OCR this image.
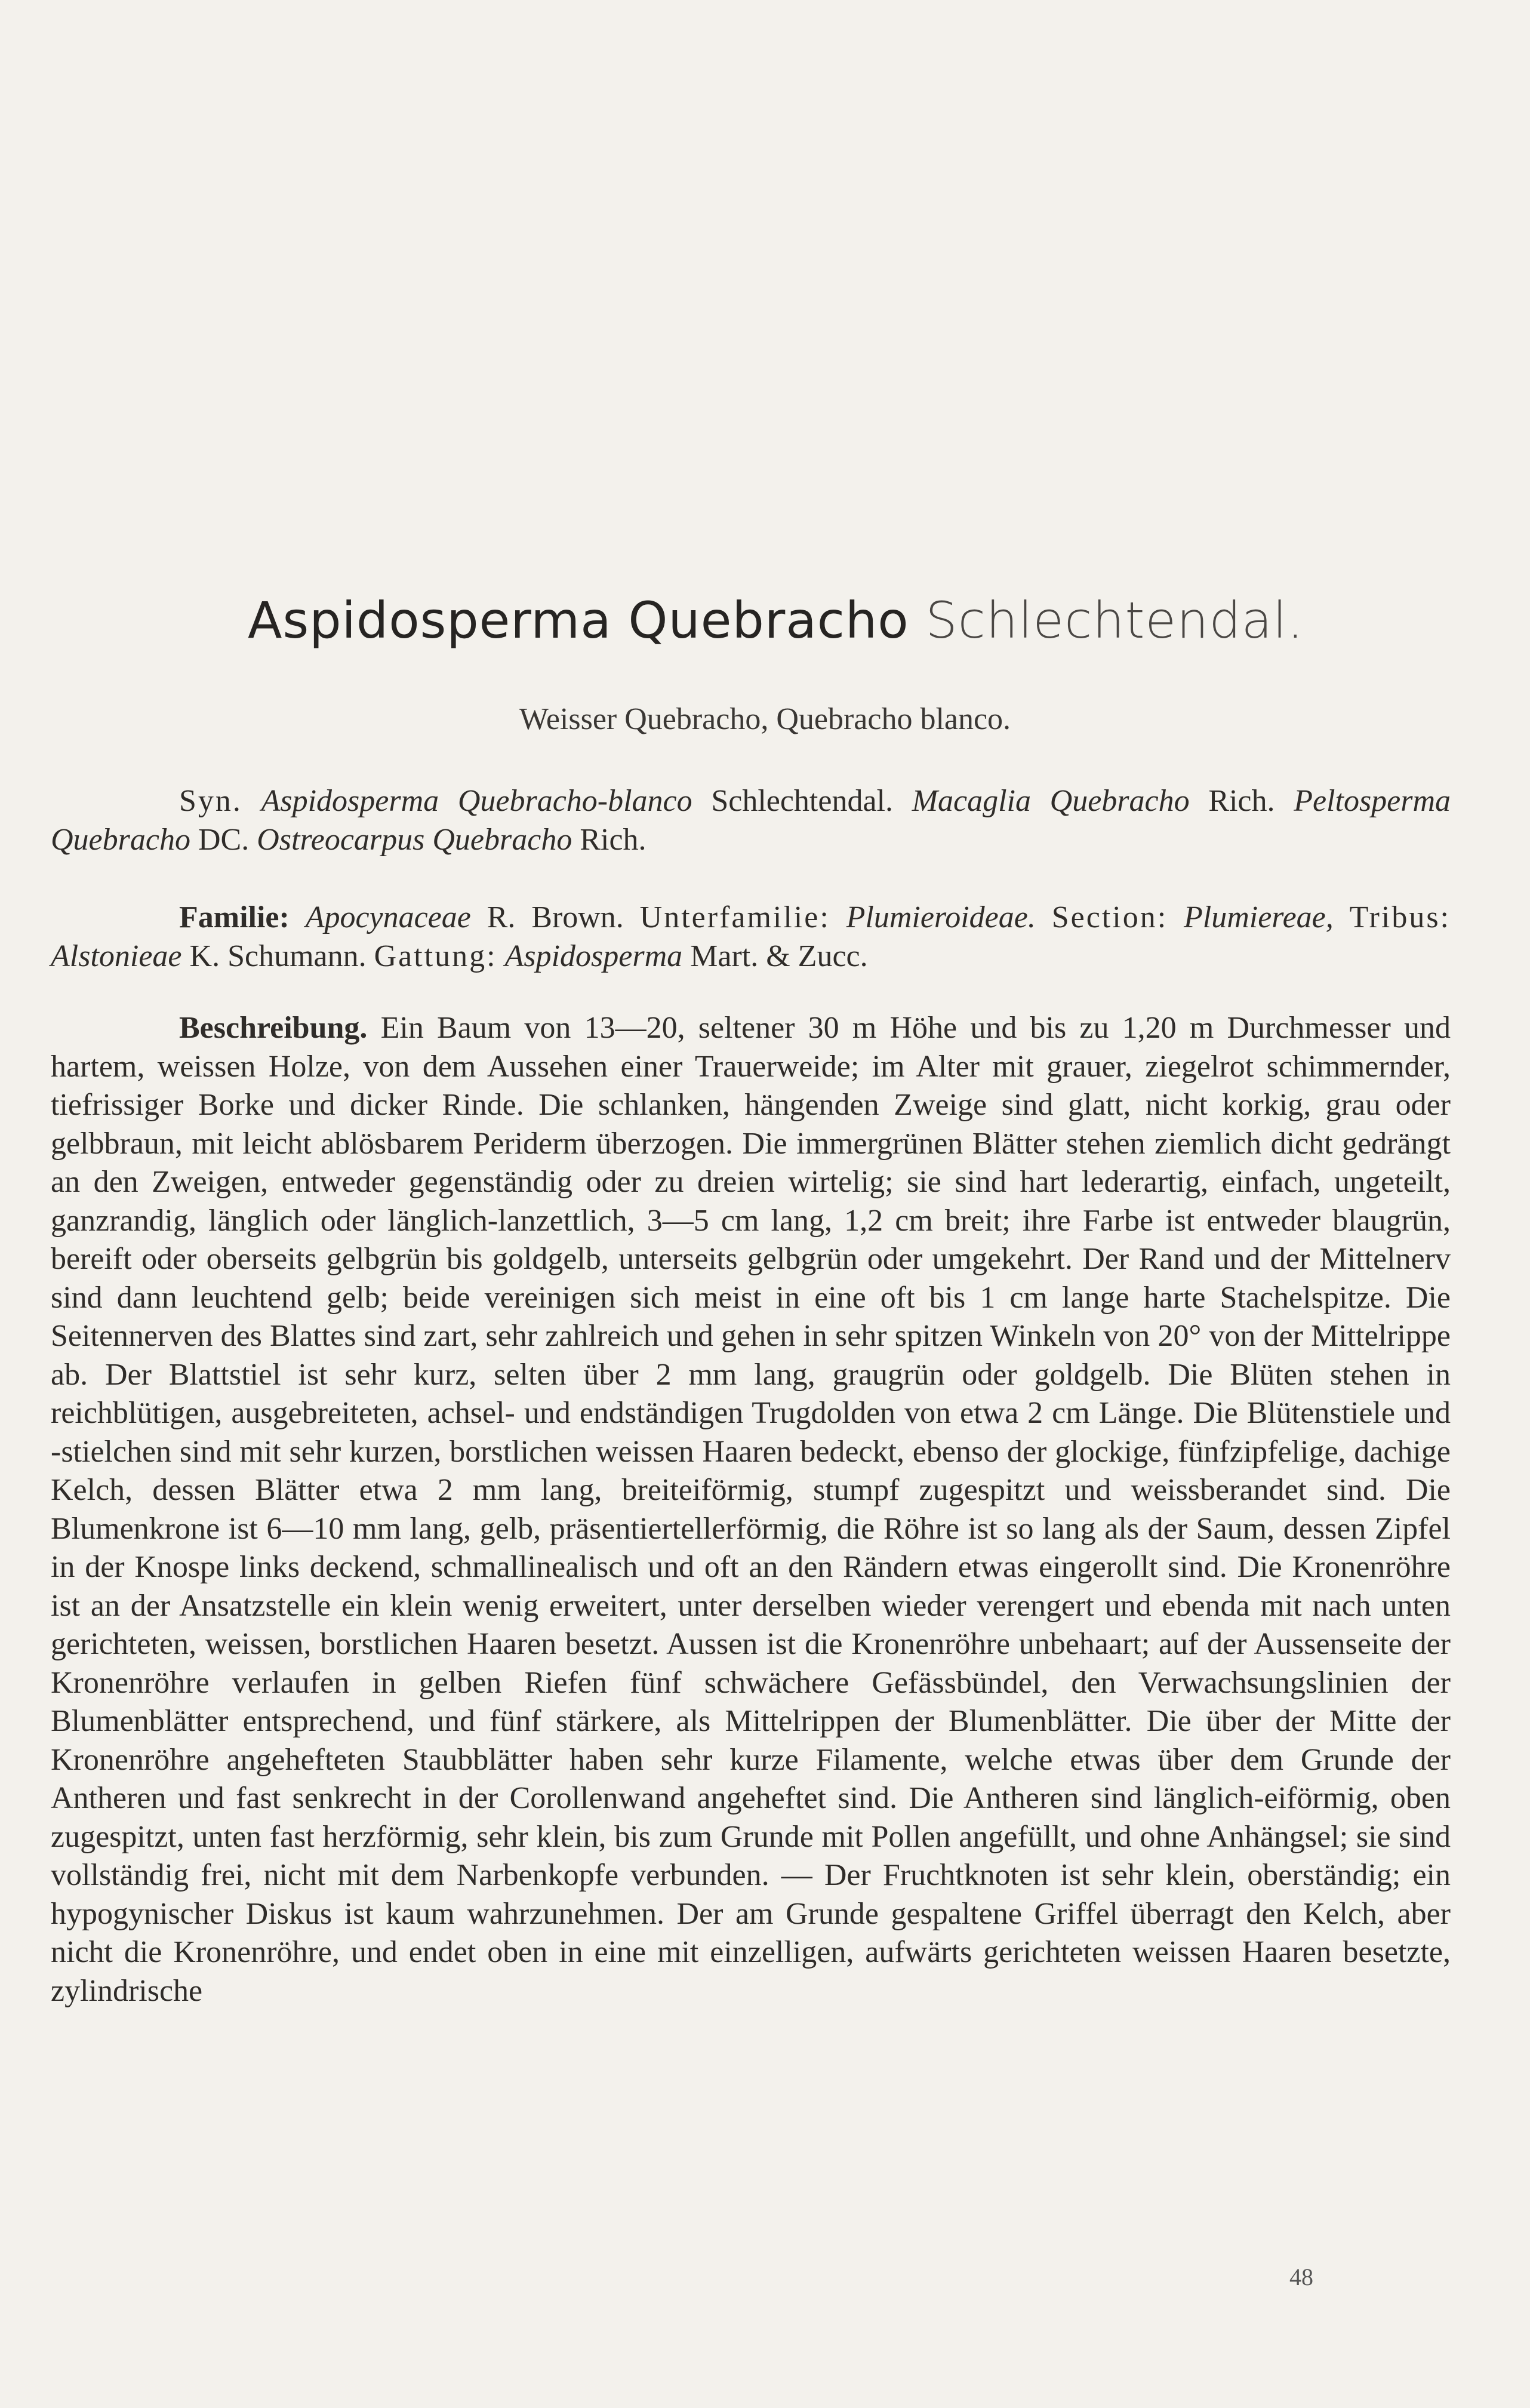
Aspidosperma Quebracho Schlechtendal.
Weisser Quebracho, Quebracho blanco.
Syn. Aspidosperma Quebracho-blanco Schlechtendal. Macaglia Quebracho Rich. Peltosperma Quebracho DC. Ostreocarpus Quebracho Rich.
Familie: Apocynaceae R. Brown. Unterfamilie: Plumieroideae. Section: Plumiereae, Tribus: Alstonieae K. Schumann. Gattung: Aspidosperma Mart. & Zucc.
Beschreibung. Ein Baum von 13—20, seltener 30 m Höhe und bis zu 1,20 m Durchmesser und hartem, weissen Holze, von dem Aussehen einer Trauerweide; im Alter mit grauer, ziegelrot schimmernder, tiefrissiger Borke und dicker Rinde. Die schlanken, hängenden Zweige sind glatt, nicht korkig, grau oder gelbbraun, mit leicht ablösbarem Periderm überzogen. Die immergrünen Blätter stehen ziemlich dicht gedrängt an den Zweigen, entweder gegenständig oder zu dreien wirtelig; sie sind hart lederartig, einfach, ungeteilt, ganzrandig, länglich oder länglich-lanzettlich, 3—5 cm lang, 1,2 cm breit; ihre Farbe ist entweder blaugrün, bereift oder oberseits gelbgrün bis goldgelb, unterseits gelbgrün oder umgekehrt. Der Rand und der Mittelnerv sind dann leuchtend gelb; beide vereinigen sich meist in eine oft bis 1 cm lange harte Stachelspitze. Die Seitennerven des Blattes sind zart, sehr zahlreich und gehen in sehr spitzen Winkeln von 20° von der Mittelrippe ab. Der Blattstiel ist sehr kurz, selten über 2 mm lang, graugrün oder goldgelb. Die Blüten stehen in reichblütigen, ausgebreiteten, achsel- und endständigen Trugdolden von etwa 2 cm Länge. Die Blütenstiele und -stielchen sind mit sehr kurzen, borstlichen weissen Haaren bedeckt, ebenso der glockige, fünfzipfelige, dachige Kelch, dessen Blätter etwa 2 mm lang, breiteiförmig, stumpf zugespitzt und weissberandet sind. Die Blumenkrone ist 6—10 mm lang, gelb, präsentiertellerförmig, die Röhre ist so lang als der Saum, dessen Zipfel in der Knospe links deckend, schmallinealisch und oft an den Rändern etwas eingerollt sind. Die Kronenröhre ist an der Ansatzstelle ein klein wenig erweitert, unter derselben wieder verengert und ebenda mit nach unten gerichteten, weissen, borstlichen Haaren besetzt. Aussen ist die Kronenröhre unbehaart; auf der Aussenseite der Kronenröhre verlaufen in gelben Riefen fünf schwächere Gefässbündel, den Verwachsungslinien der Blumenblätter entsprechend, und fünf stärkere, als Mittelrippen der Blumenblätter. Die über der Mitte der Kronenröhre angehefteten Staubblätter haben sehr kurze Filamente, welche etwas über dem Grunde der Antheren und fast senkrecht in der Corollenwand angeheftet sind. Die Antheren sind länglich-eiförmig, oben zugespitzt, unten fast herzförmig, sehr klein, bis zum Grunde mit Pollen angefüllt, und ohne Anhängsel; sie sind vollständig frei, nicht mit dem Narbenkopfe verbunden. — Der Fruchtknoten ist sehr klein, oberständig; ein hypogynischer Diskus ist kaum wahrzunehmen. Der am Grunde gespaltene Griffel überragt den Kelch, aber nicht die Kronenröhre, und endet oben in eine mit einzelligen, aufwärts gerichteten weissen Haaren besetzte, zylindrische
48
